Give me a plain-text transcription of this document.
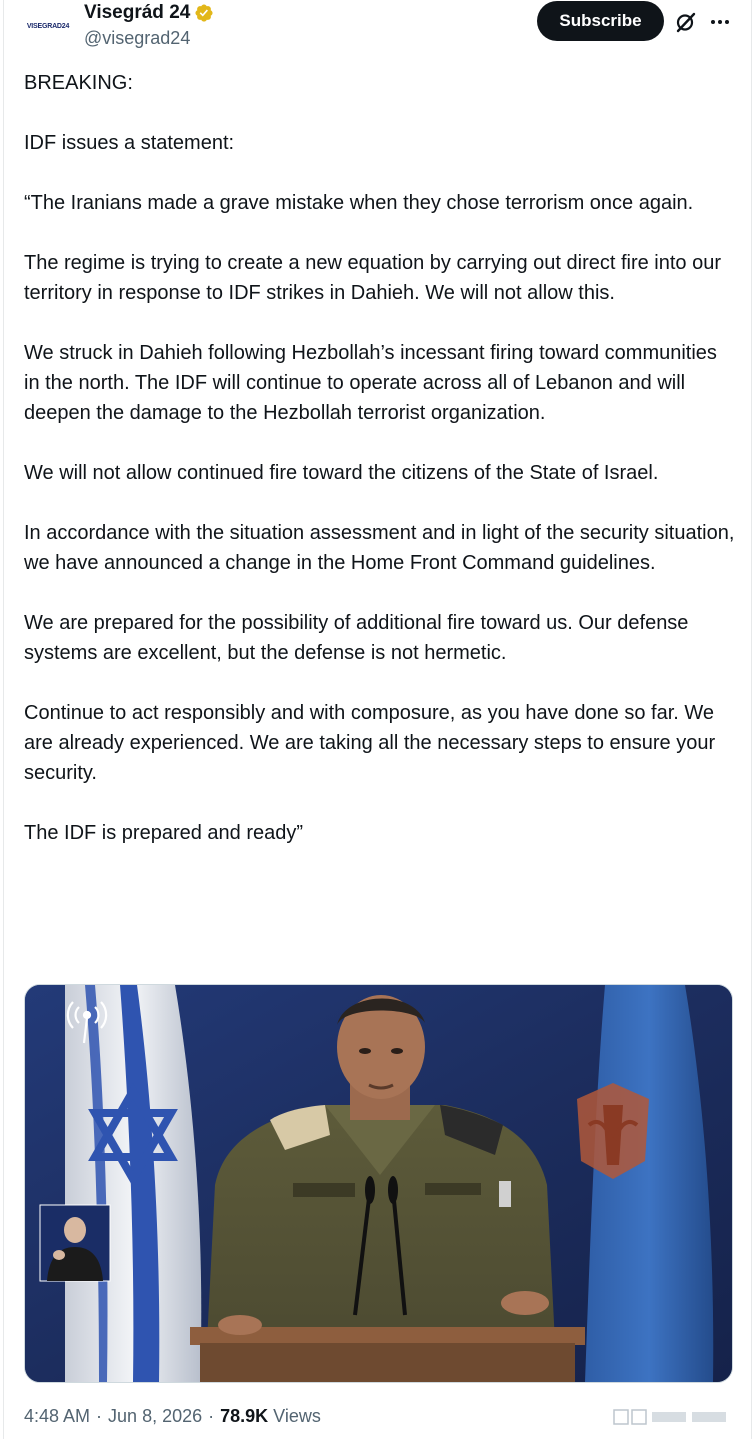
VISEGRAD24
Visegrád 24
@visegrad24
Subscribe

BREAKING:

IDF issues a statement:

“The Iranians made a grave mistake when they chose terrorism once again.

The regime is trying to create a new equation by carrying out direct fire into our territory in response to IDF strikes in Dahieh. We will not allow this.

We struck in Dahieh following Hezbollah’s incessant firing toward communities in the north. The IDF will continue to operate across all of Lebanon and will deepen the damage to the Hezbollah terrorist organization.

We will not allow continued fire toward the citizens of the State of Israel.

In accordance with the situation assessment and in light of the security situation, we have announced a change in the Home Front Command guidelines.

We are prepared for the possibility of additional fire toward us. Our defense systems are excellent, but the defense is not hermetic.

Continue to act responsibly and with composure, as you have done so far. We are already experienced. We are taking all the necessary steps to ensure your security.

The IDF is prepared and ready”

4:48 AM · Jun 8, 2026 · 78.9K Views
